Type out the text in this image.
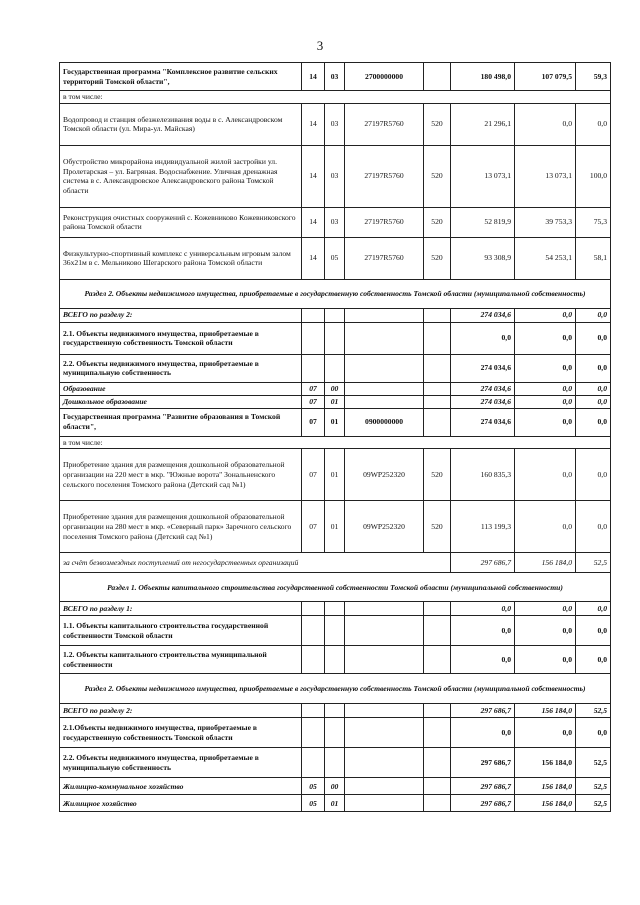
3
Государственная программа "Комплексное развитие сельских территорий Томской области",	14	03	2700000000		180 498,0	107 079,5	59,3
в том числе:							
Водопровод и станция обезжелезивания воды в с. Александровском Томской области (ул. Мира-ул. Майская)	14	03	27197R5760	520	21 296,1	0,0	0,0
Обустройство микрорайона индивидуальной жилой застройки ул. Пролетарская – ул. Багряная. Водоснабжение. Уличная дренажная система в с. Александровское Александровского района Томской области	14	03	27197R5760	520	13 073,1	13 073,1	100,0
Реконструкция очистных сооружений с. Кожевниково Кожевниковского района Томской области	14	03	27197R5760	520	52 819,9	39 753,3	75,3
Физкультурно-спортивный комплекс с универсальным игровым залом 36х21м в с. Мельниково Шегарского района Томской области	14	05	27197R5760	520	93 308,9	54 253,1	58,1
Раздел 2. Объекты недвижимого имущества, приобретаемые в государственную собственность Томской области (муниципальной собственность)							
ВСЕГО по разделу 2:					274 034,6	0,0	0,0
2.1. Объекты недвижимого имущества, приобретаемые в государственную собственность Томской области					0,0	0,0	0,0
2.2. Объекты недвижимого имущества, приобретаемые в муниципальную собственность					274 034,6	0,0	0,0
Образование	07	00			274 034,6	0,0	0,0
Дошкольное образование	07	01			274 034,6	0,0	0,0
Государственная программа "Развитие образования в Томской области",	07	01	0900000000		274 034,6	0,0	0,0
в том числе:							
Приобретение здания для размещения дошкольной образовательной организации на 220 мест в мкр. "Южные ворота" Зональненского сельского поселения Томского района (Детский сад №1)	07	01	09WP252320	520	160 835,3	0,0	0,0
Приобретение здания для размещения дошкольной образовательной организации на 280 мест в мкр. «Северный парк» Заречного сельского поселения Томского района (Детский сад №1)	07	01	09WP252320	520	113 199,3	0,0	0,0
за счёт безвозмездных поступлений от негосударственных организаций					297 686,7	156 184,0	52,5
Раздел 1. Объекты капитального строительства государственной собственности Томской области (муниципальной собственности)							
ВСЕГО по разделу 1:					0,0	0,0	0,0
1.1. Объекты капитального строительства государственной собственности Томской области					0,0	0,0	0,0
1.2. Объекты капитального строительства муниципальной собственности					0,0	0,0	0,0
Раздел 2. Объекты недвижимого имущества, приобретаемые в государственную собственность Томской области (муниципальной собственность)							
ВСЕГО по разделу 2:					297 686,7	156 184,0	52,5
2.1.Объекты недвижимого имущества, приобретаемые в государственную собственность Томской области					0,0	0,0	0,0
2.2. Объекты недвижимого имущества, приобретаемые в муниципальную собственность					297 686,7	156 184,0	52,5
Жилищно-коммунальное хозяйство	05	00			297 686,7	156 184,0	52,5
Жилищное хозяйство	05	01			297 686,7	156 184,0	52,5
